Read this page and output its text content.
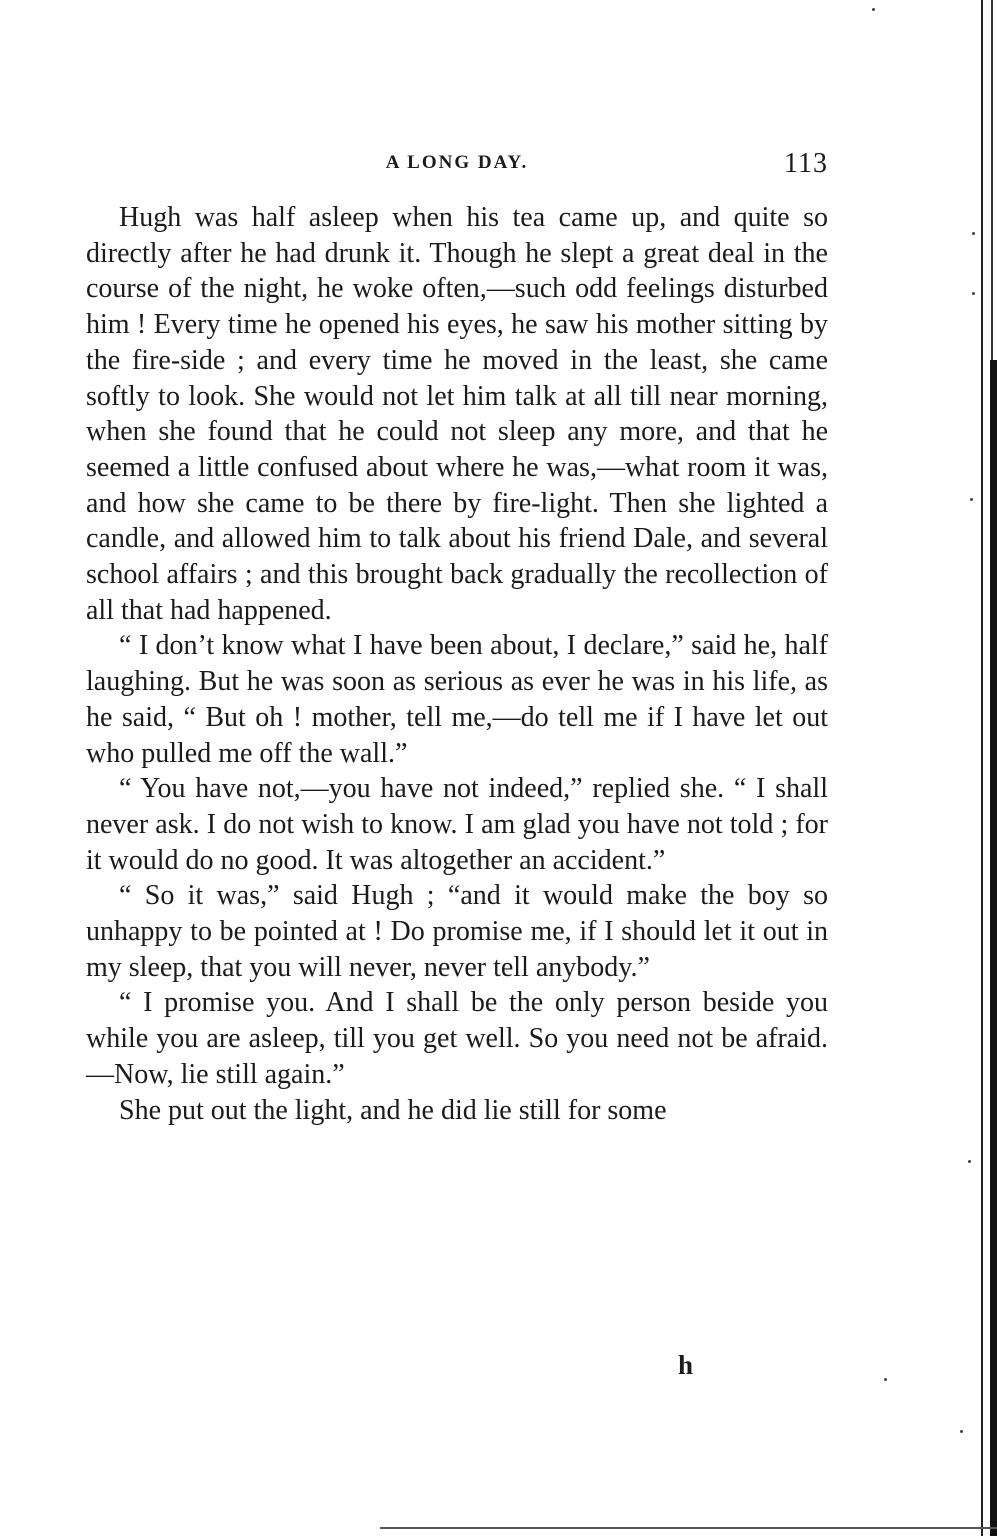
A LONG DAY.	113

Hugh was half asleep when his tea came up, and quite so directly after he had drunk it. Though he slept a great deal in the course of the night, he woke often,—such odd feelings disturbed him ! Every time he opened his eyes, he saw his mother sitting by the fire-side ; and every time he moved in the least, she came softly to look. She would not let him talk at all till near morning, when she found that he could not sleep any more, and that he seemed a little confused about where he was,—what room it was, and how she came to be there by fire-light. Then she lighted a candle, and allowed him to talk about his friend Dale, and several school affairs ; and this brought back gradually the recollection of all that had happened.

“ I don’t know what I have been about, I declare,” said he, half laughing. But he was soon as serious as ever he was in his life, as he said, “ But oh ! mother, tell me,—do tell me if I have let out who pulled me off the wall.”

“ You have not,—you have not indeed,” replied she. “ I shall never ask. I do not wish to know. I am glad you have not told ; for it would do no good. It was altogether an accident.”

“ So it was,” said Hugh ; “and it would make the boy so unhappy to be pointed at ! Do promise me, if I should let it out in my sleep, that you will never, never tell anybody.”

“ I promise you. And I shall be the only person beside you while you are asleep, till you get well. So you need not be afraid.—Now, lie still again.”

She put out the light, and he did lie still for some

h
